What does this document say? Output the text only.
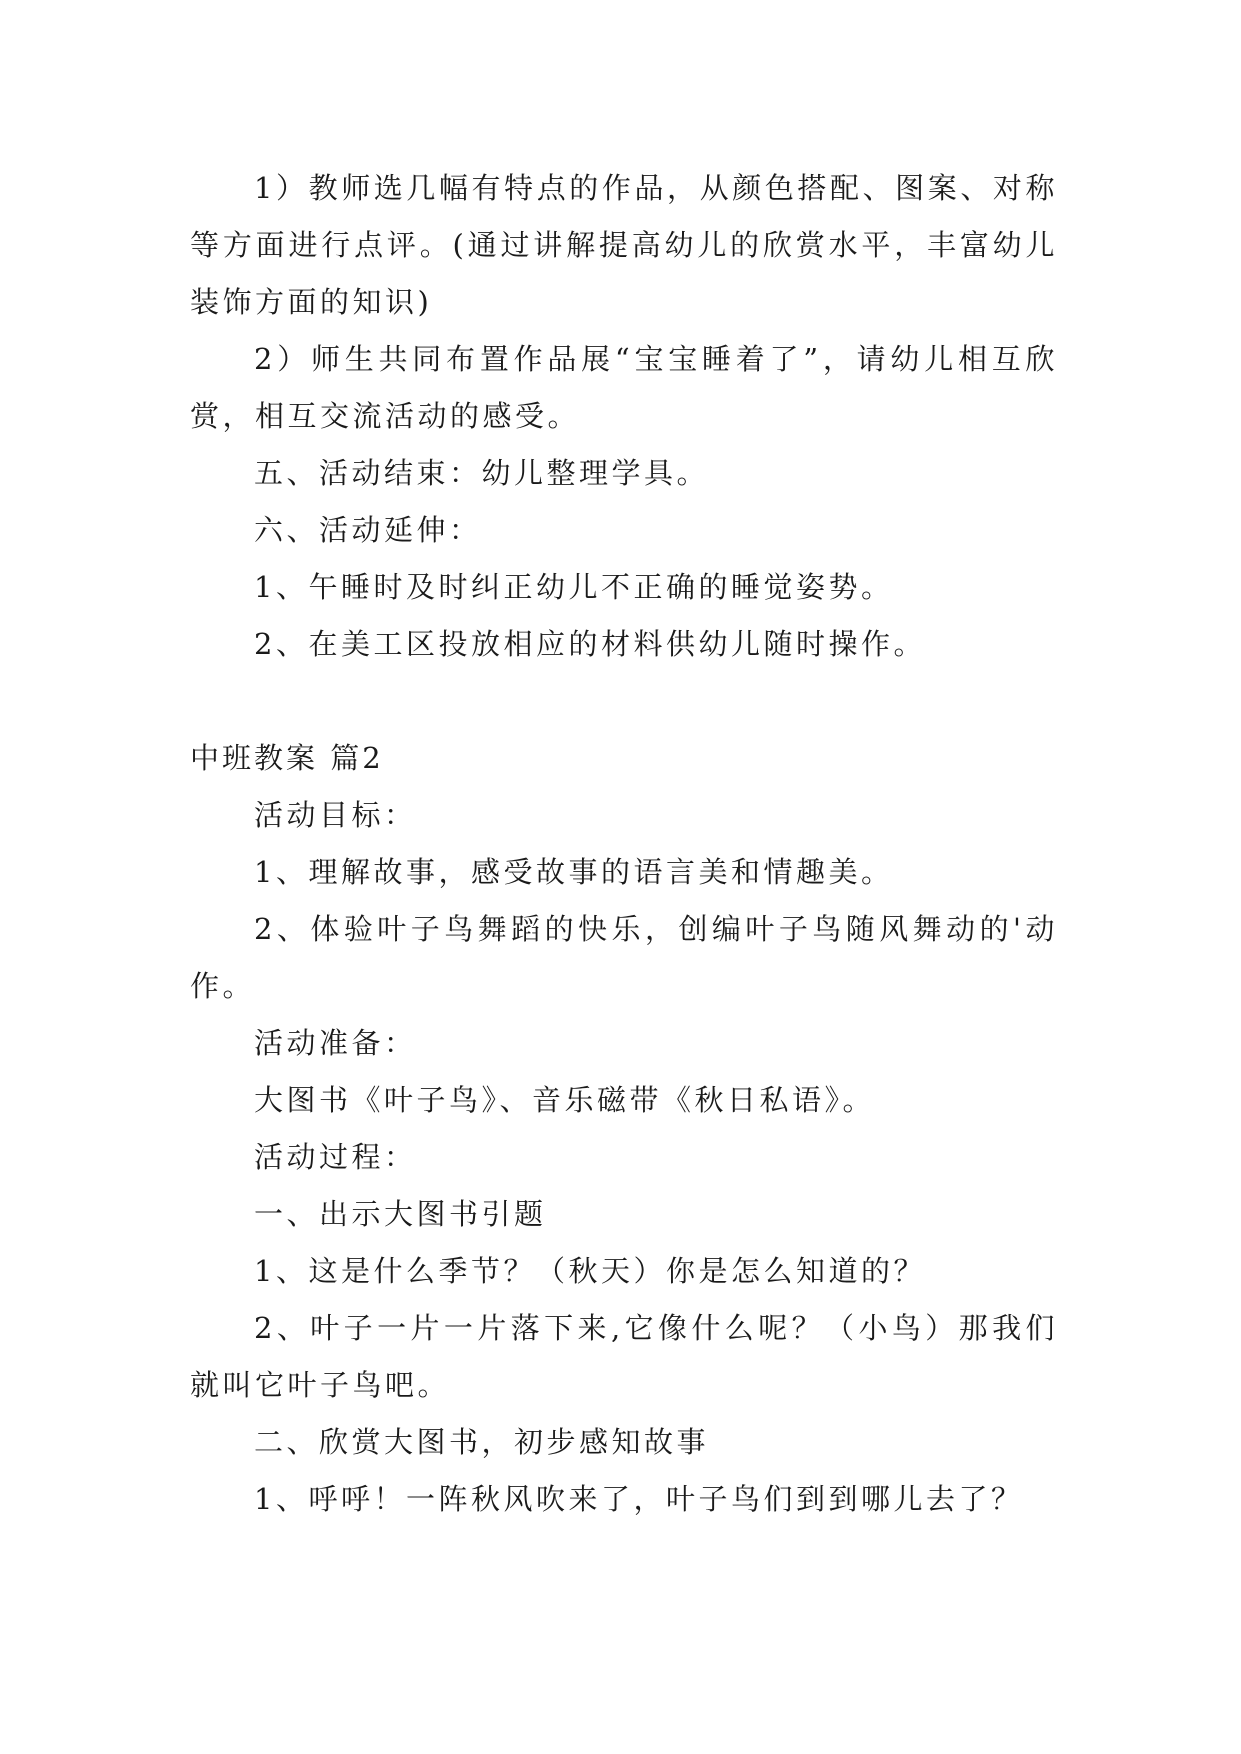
1）教师选几幅有特点的作品，从颜色搭配、图案、对称等方面进行点评。(通过讲解提高幼儿的欣赏水平，丰富幼儿装饰方面的知识)

2）师生共同布置作品展“宝宝睡着了”，请幼儿相互欣赏，相互交流活动的感受。

五、活动结束：幼儿整理学具。

六、活动延伸：

1、午睡时及时纠正幼儿不正确的睡觉姿势。

2、在美工区投放相应的材料供幼儿随时操作。

中班教案 篇2

活动目标：

1、理解故事，感受故事的语言美和情趣美。

2、体验叶子鸟舞蹈的快乐，创编叶子鸟随风舞动的'动作。

活动准备：

大图书《叶子鸟》、音乐磁带《秋日私语》。

活动过程：

一、出示大图书引题

1、这是什么季节？（秋天）你是怎么知道的？

2、叶子一片一片落下来,它像什么呢？（小鸟）那我们就叫它叶子鸟吧。

二、欣赏大图书，初步感知故事

1、呼呼！一阵秋风吹来了，叶子鸟们到到哪儿去了？
